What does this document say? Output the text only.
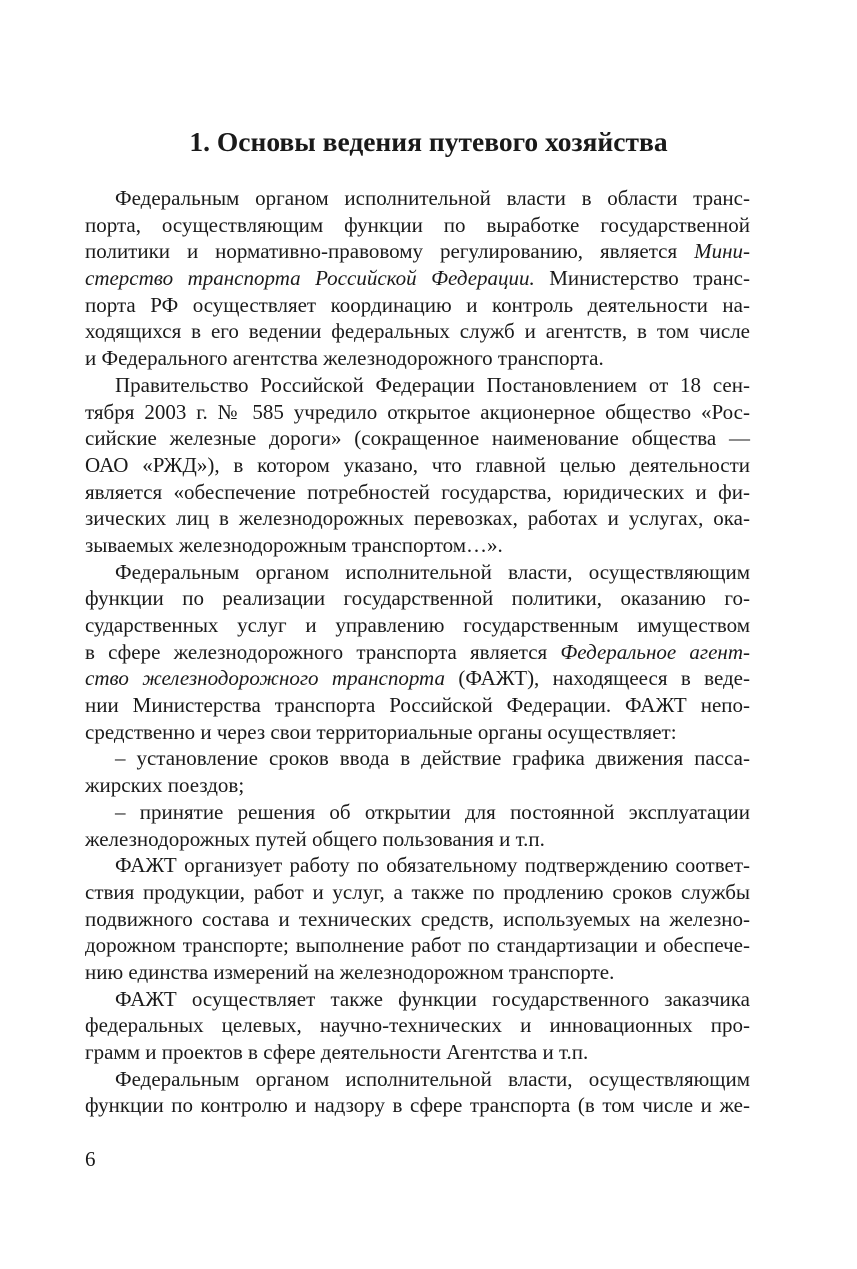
1. Основы ведения путевого хозяйства
Федеральным органом исполнительной власти в области транс-
порта, осуществляющим функции по выработке государственной
политики и нормативно-правовому регулированию, является Мини-
стерство транспорта Российской Федерации. Министерство транс-
порта РФ осуществляет координацию и контроль деятельности на-
ходящихся в его ведении федеральных служб и агентств, в том числе
и Федерального агентства железнодорожного транспорта.
Правительство Российской Федерации Постановлением от 18 сен-
тября 2003 г. № 585 учредило открытое акционерное общество «Рос-
сийские железные дороги» (сокращенное наименование общества —
ОАО «РЖД»), в котором указано, что главной целью деятельности
является «обеспечение потребностей государства, юридических и фи-
зических лиц в железнодорожных перевозках, работах и услугах, ока-
зываемых железнодорожным транспортом…».
Федеральным органом исполнительной власти, осуществляющим
функции по реализации государственной политики, оказанию го-
сударственных услуг и управлению государственным имуществом
в сфере железнодорожного транспорта является Федеральное агент-
ство железнодорожного транспорта (ФАЖТ), находящееся в веде-
нии Министерства транспорта Российской Федерации. ФАЖТ непо-
средственно и через свои территориальные органы осуществляет:
– установление сроков ввода в действие графика движения пасса-
жирских поездов;
– принятие решения об открытии для постоянной эксплуатации
железнодорожных путей общего пользования и т.п.
ФАЖТ организует работу по обязательному подтверждению соответ-
ствия продукции, работ и услуг, а также по продлению сроков службы
подвижного состава и технических средств, используемых на железно-
дорожном транспорте; выполнение работ по стандартизации и обеспече-
нию единства измерений на железнодорожном транспорте.
ФАЖТ осуществляет также функции государственного заказчика
федеральных целевых, научно-технических и инновационных про-
грамм и проектов в сфере деятельности Агентства и т.п.
Федеральным органом исполнительной власти, осуществляющим
функции по контролю и надзору в сфере транспорта (в том числе и же-
6
